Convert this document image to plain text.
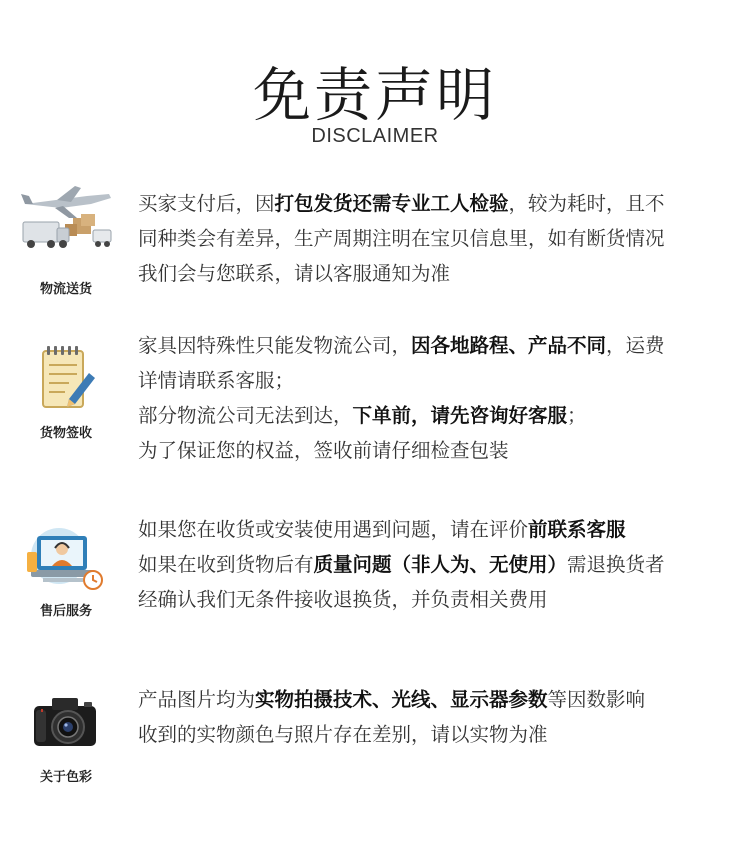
免责声明
DISCLAIMER
物流送货
买家支付后，因打包发货还需专业工人检验，较为耗时，且不
同种类会有差异，生产周期注明在宝贝信息里，如有断货情况
我们会与您联系，请以客服通知为准
货物签收
家具因特殊性只能发物流公司，因各地路程、产品不同，运费
详情请联系客服；
部分物流公司无法到达，下单前，请先咨询好客服；
为了保证您的权益，签收前请仔细检查包装
售后服务
如果您在收货或安装使用遇到问题，请在评价前联系客服
如果在收到货物后有质量问题（非人为、无使用）需退换货者
经确认我们无条件接收退换货，并负责相关费用
关于色彩
产品图片均为实物拍摄技术、光线、显示器参数等因数影响
收到的实物颜色与照片存在差别，请以实物为准
